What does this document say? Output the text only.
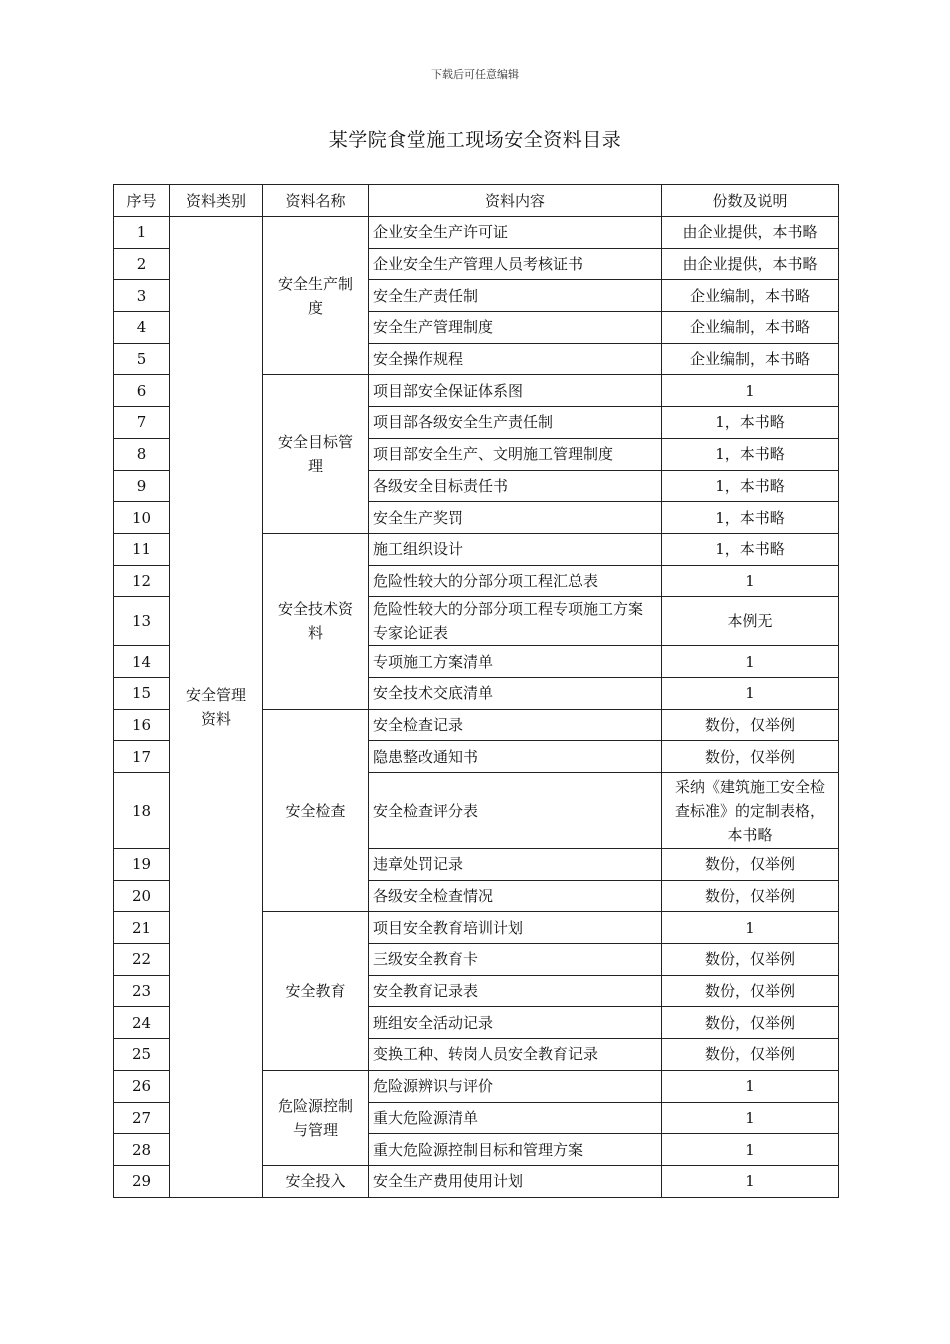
下载后可任意编辑
某学院食堂施工现场安全资料目录
序号	资料类别	资料名称	资料内容	份数及说明
1	安全管理资料	安全生产制度	企业安全生产许可证	由企业提供，本书略
2			企业安全生产管理人员考核证书	由企业提供，本书略
3			安全生产责任制	企业编制，本书略
4			安全生产管理制度	企业编制，本书略
5			安全操作规程	企业编制，本书略
6		安全目标管理	项目部安全保证体系图	1
7			项目部各级安全生产责任制	1，本书略
8			项目部安全生产、文明施工管理制度	1，本书略
9			各级安全目标责任书	1，本书略
10			安全生产奖罚	1，本书略
11		安全技术资料	施工组织设计	1，本书略
12			危险性较大的分部分项工程汇总表	1
13			危险性较大的分部分项工程专项施工方案专家论证表	本例无
14			专项施工方案清单	1
15			安全技术交底清单	1
16		安全检查	安全检查记录	数份，仅举例
17			隐患整改通知书	数份，仅举例
18			安全检查评分表	采纳《建筑施工安全检查标准》的定制表格，本书略
19			违章处罚记录	数份，仅举例
20			各级安全检查情况	数份，仅举例
21		安全教育	项目安全教育培训计划	1
22			三级安全教育卡	数份，仅举例
23			安全教育记录表	数份，仅举例
24			班组安全活动记录	数份，仅举例
25			变换工种、转岗人员安全教育记录	数份，仅举例
26		危险源控制与管理	危险源辨识与评价	1
27			重大危险源清单	1
28			重大危险源控制目标和管理方案	1
29		安全投入	安全生产费用使用计划	1
